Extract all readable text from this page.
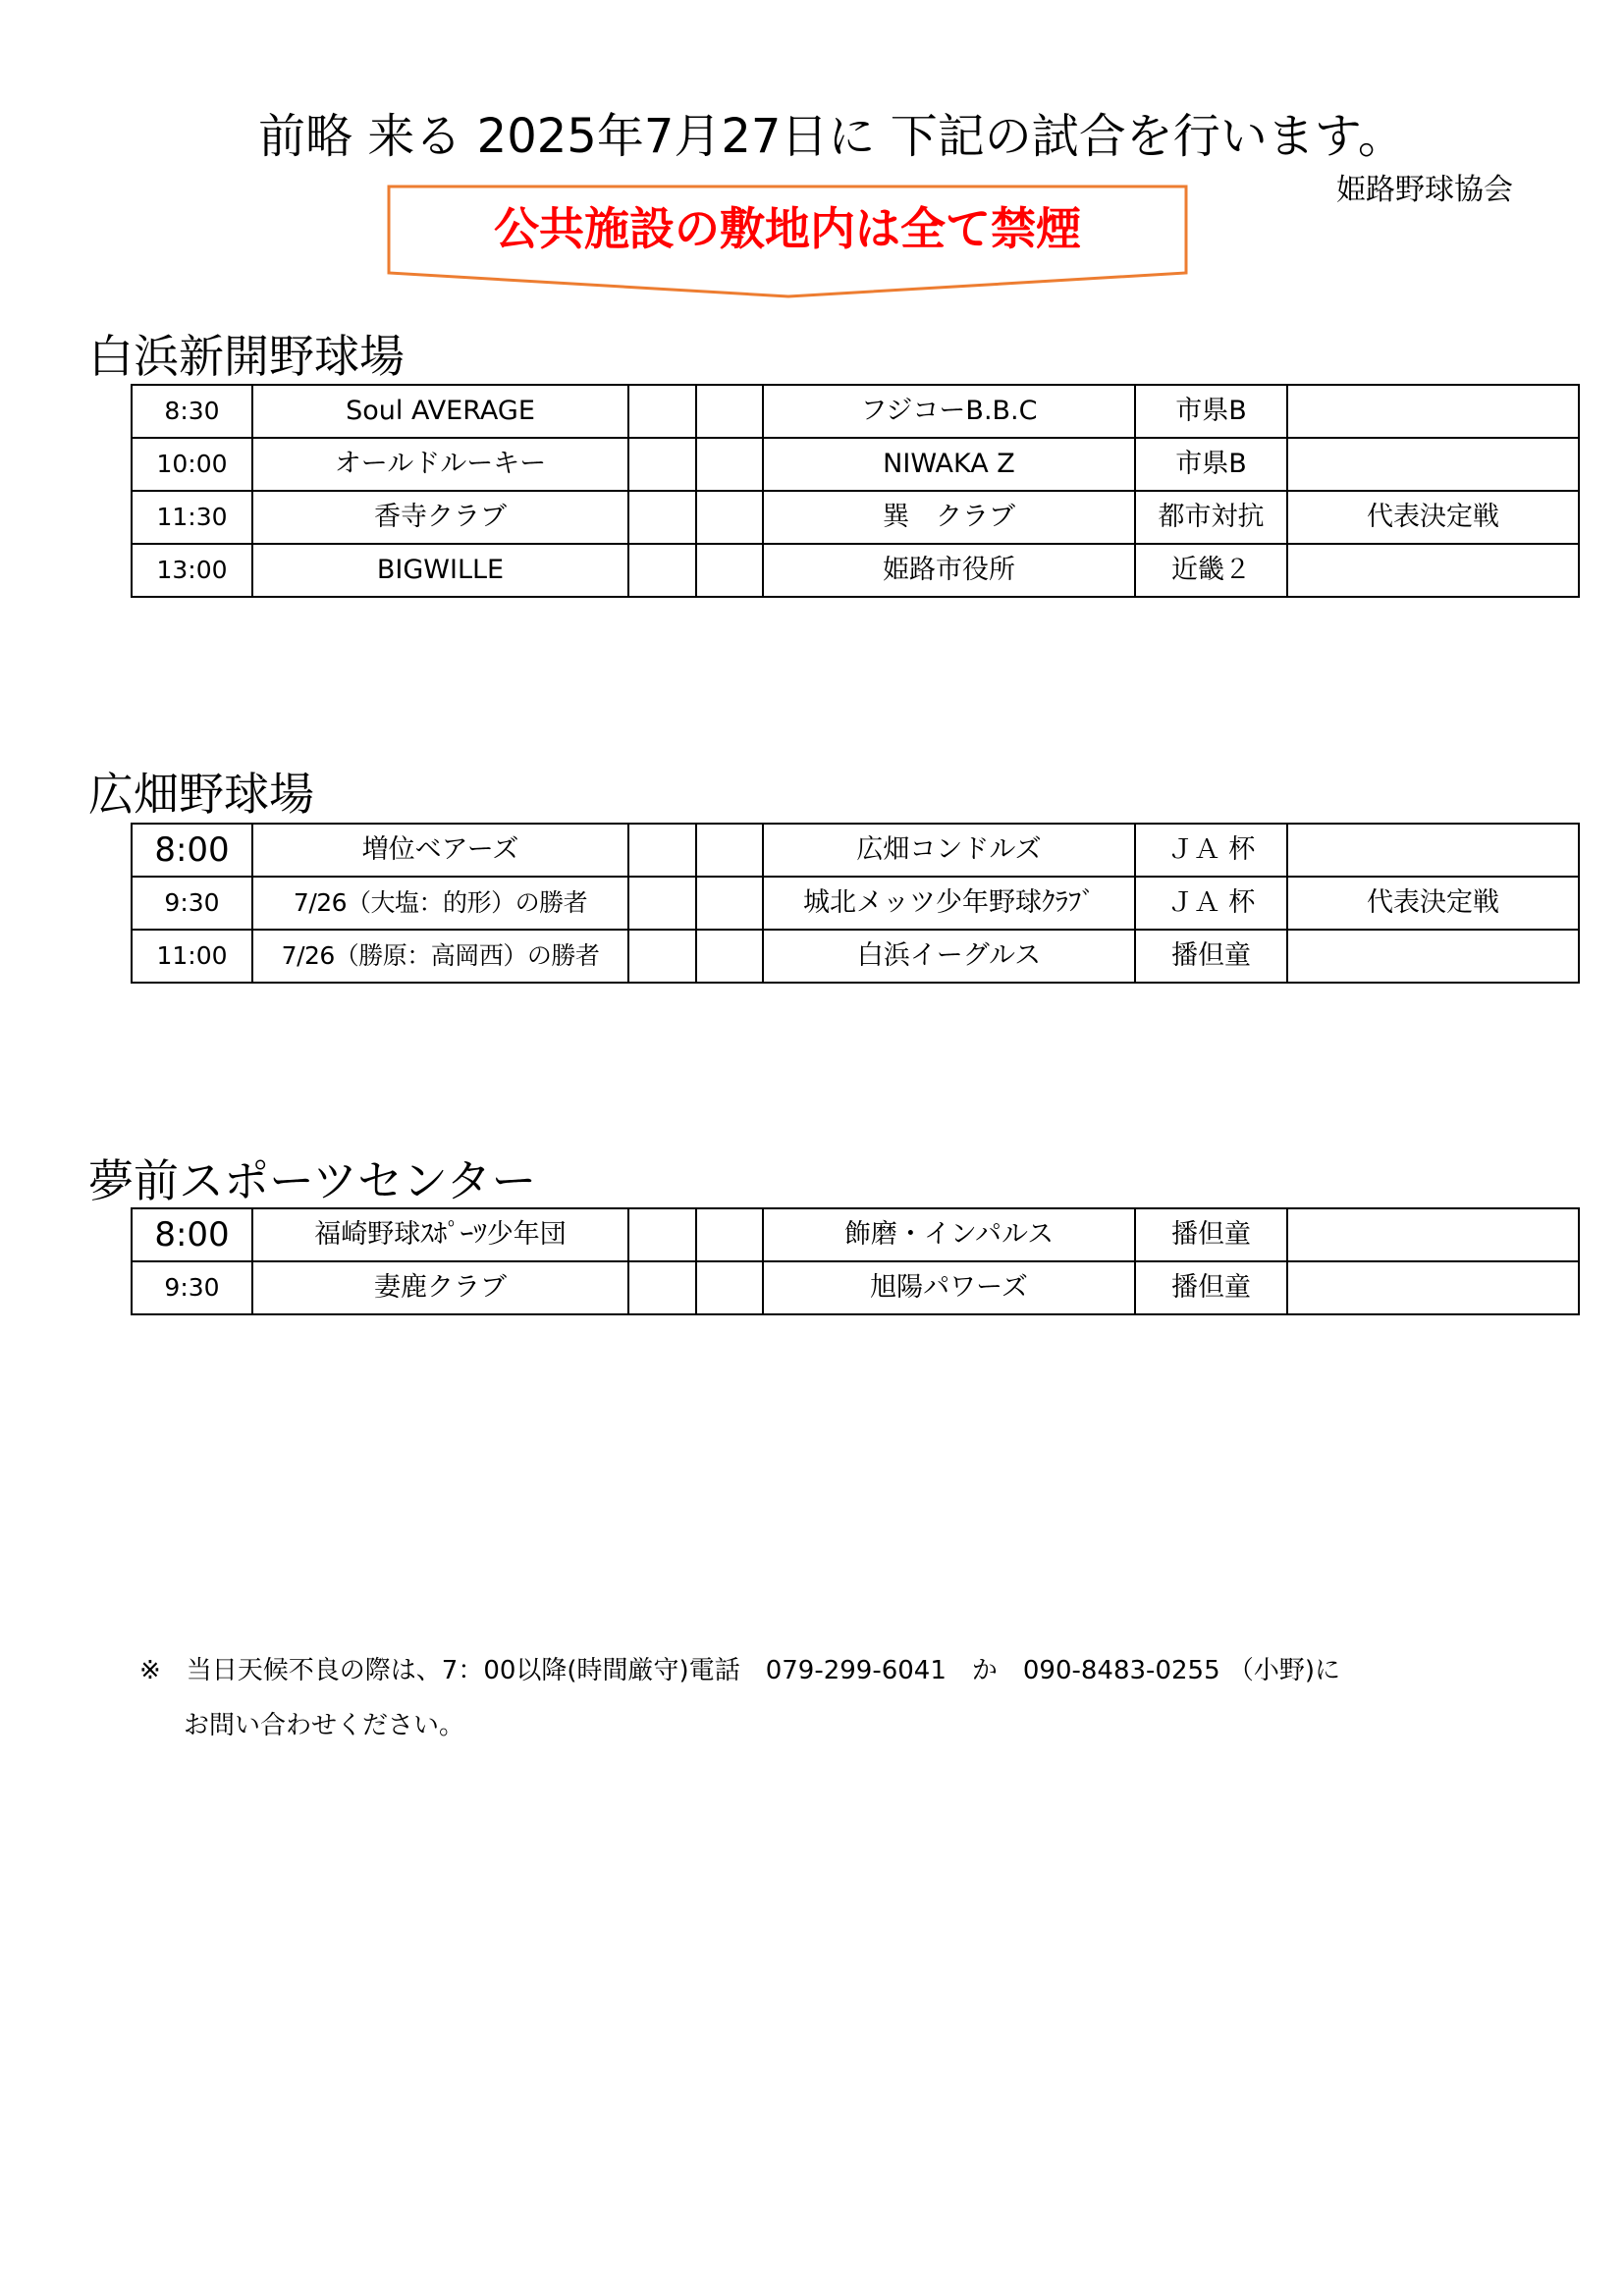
前略 来る 2025年7月27日に 下記の試合を行います。
姫路野球協会
公共施設の敷地内は全て禁煙
白浜新開野球場
8:30	Soul AVERAGE			フジコーB.B.C	市県B	
10:00	オールドルーキー			NIWAKA Z	市県B	
11:30	香寺クラブ			巽　クラブ	都市対抗	代表決定戦
13:00	BIGWILLE			姫路市役所	近畿２	
広畑野球場
8:00	増位ベアーズ			広畑コンドルズ	ＪＡ 杯	
9:30	7/26（大塩：的形）の勝者			城北メッツ少年野球ｸﾗﾌﾞ	ＪＡ 杯	代表決定戦
11:00	7/26（勝原：高岡西）の勝者			白浜イーグルス	播但童	
夢前スポーツセンター
8:00	福崎野球ｽﾎﾟｰﾂ少年団			飾磨・インパルス	播但童	
9:30	妻鹿クラブ			旭陽パワーズ	播但童	
※　当日天候不良の際は、7：00以降(時間厳守)電話　079-299-6041　か　090-8483-0255 （小野)に
お問い合わせください。
